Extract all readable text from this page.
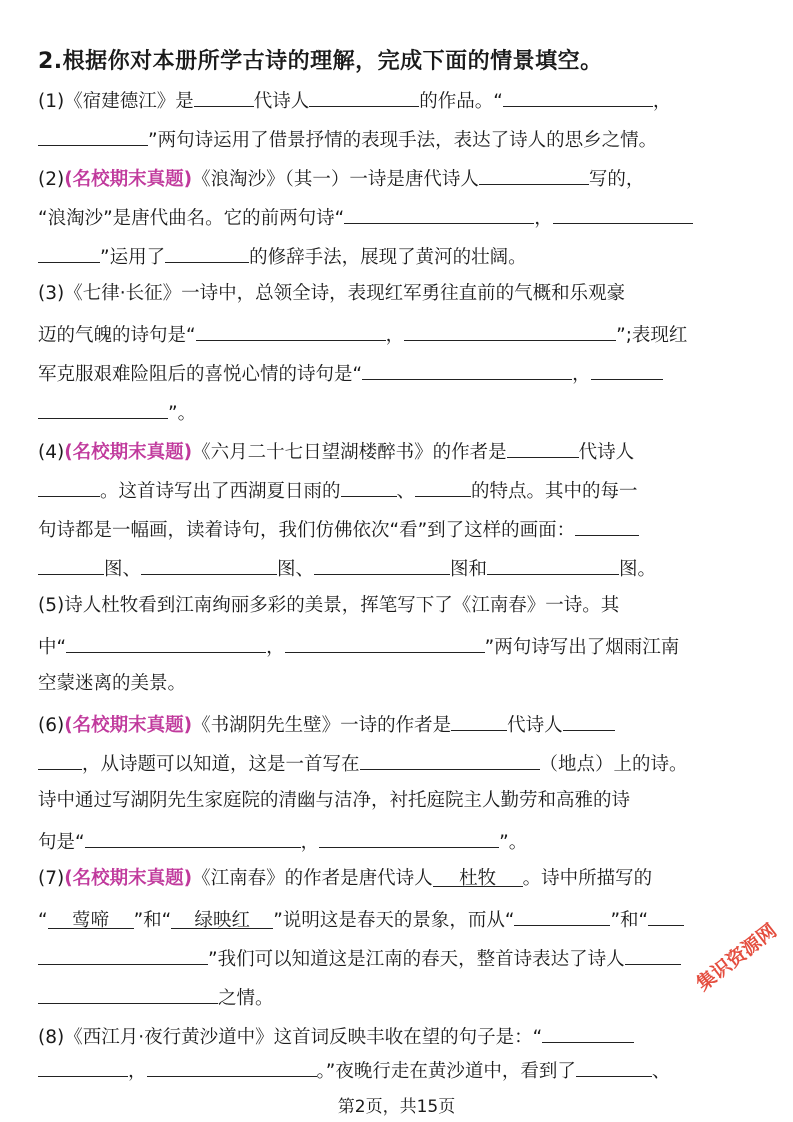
2.根据你对本册所学古诗的理解，完成下面的情景填空。
(1)《宿建德江》是	代诗人	的作品。“	，
”两句诗运用了借景抒情的表现手法，表达了诗人的思乡之情。
(2)(名校期末真题)《浪淘沙》（其一）一诗是唐代诗人	写的，
“浪淘沙”是唐代曲名。它的前两句诗“	，
”运用了	的修辞手法，展现了黄河的壮阔。
(3)《七律·长征》一诗中，总领全诗，表现红军勇往直前的气概和乐观豪
迈的气魄的诗句是“	，	”;表现红
军克服艰难险阻后的喜悦心情的诗句是“	，
”。
(4)(名校期末真题)《六月二十七日望湖楼醉书》的作者是	代诗人
。这首诗写出了西湖夏日雨的	、	的特点。其中的每一
句诗都是一幅画，读着诗句，我们仿佛依次“看”到了这样的画面：
图、	图、	图和	图。
(5)诗人杜牧看到江南绚丽多彩的美景，挥笔写下了《江南春》一诗。其
中“	，	”两句诗写出了烟雨江南
空蒙迷离的美景。
(6)(名校期末真题)《书湖阴先生壁》一诗的作者是	代诗人
，从诗题可以知道，这是一首写在	（地点）上的诗。
诗中通过写湖阴先生家庭院的清幽与洁净，衬托庭院主人勤劳和高雅的诗
句是“	，	”。
(7)(名校期末真题)《江南春》的作者是唐代诗人 杜牧 。诗中所描写的
“ 莺啼 ”和“ 绿映红 ”说明这是春天的景象，而从“	”和“
”我们可以知道这是江南的春天，整首诗表达了诗人
之情。
(8)《西江月·夜行黄沙道中》这首词反映丰收在望的句子是：“
，	。”夜晚行走在黄沙道中，看到了	、
第2页，共15页
集识资源网
